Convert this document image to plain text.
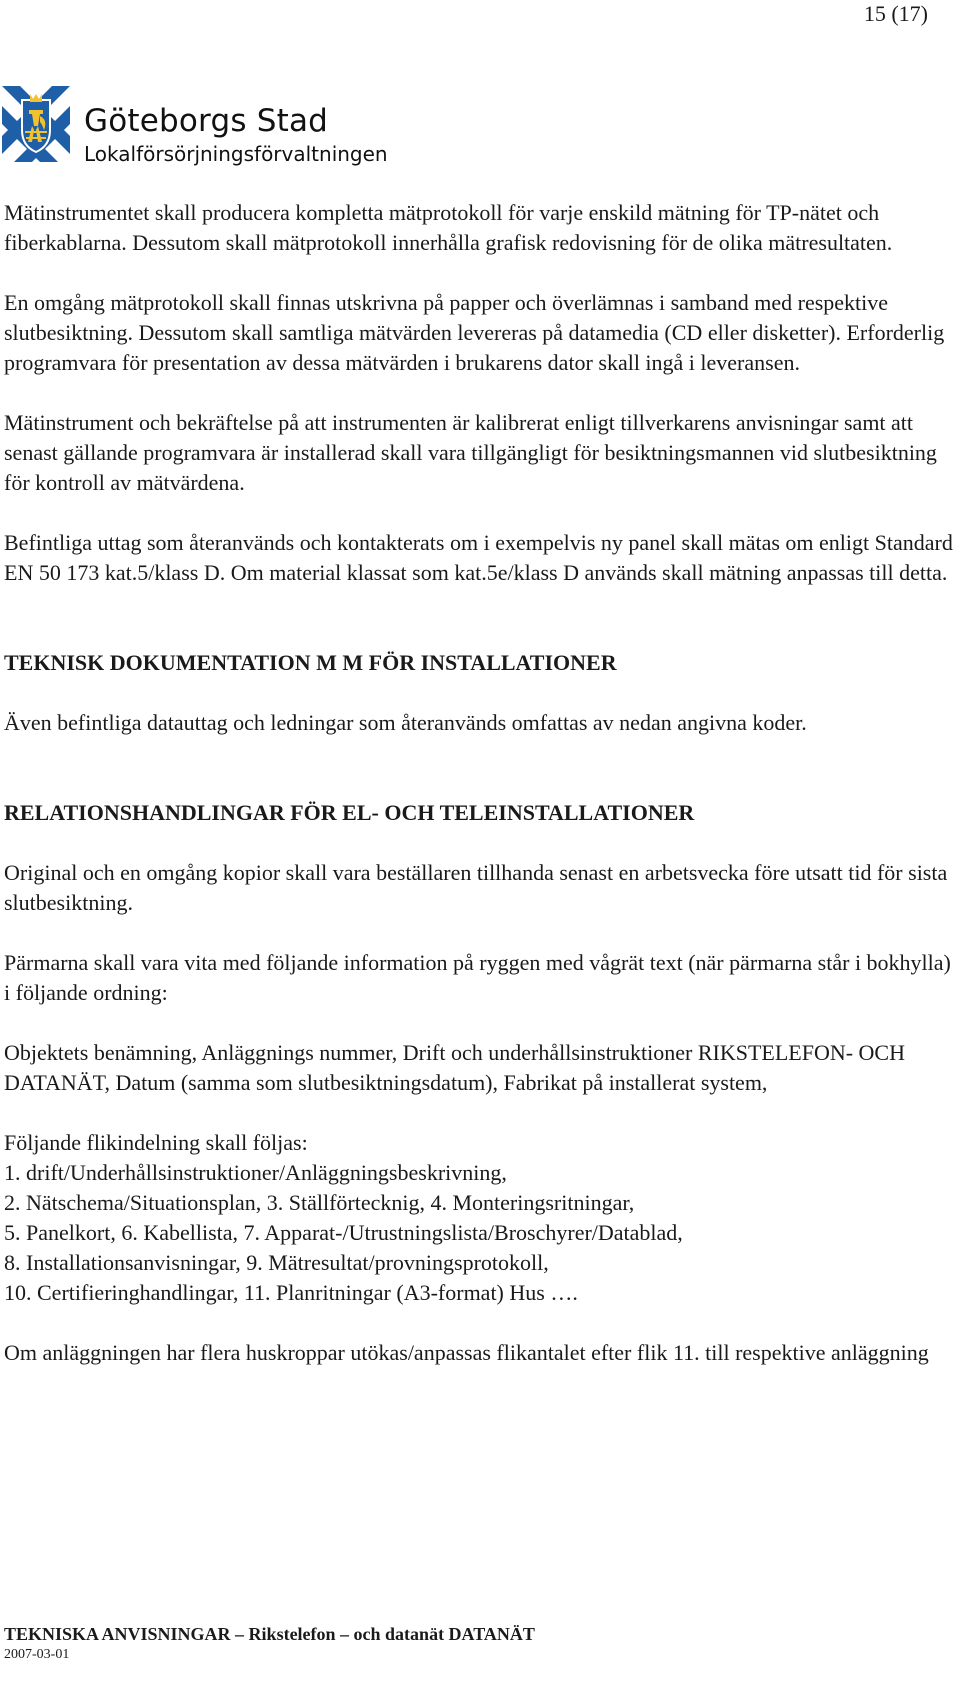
15 (17)
Göteborgs Stad
Lokalförsörjningsförvaltningen

Mätinstrumentet skall producera kompletta mätprotokoll för varje enskild mätning för TP-nätet och fiberkablarna. Dessutom skall mätprotokoll innerhålla grafisk redovisning för de olika mätresultaten.

En omgång mätprotokoll skall finnas utskrivna på papper och överlämnas i samband med respektive slutbesiktning. Dessutom skall samtliga mätvärden levereras på datamedia (CD eller disketter). Erforderlig programvara för presentation av dessa mätvärden i brukarens dator skall ingå i leveransen.

Mätinstrument och bekräftelse på att instrumenten är kalibrerat enligt tillverkarens anvisningar samt att senast gällande programvara är installerad skall vara tillgängligt för besiktningsmannen vid slutbesiktning för kontroll av mätvärdena.

Befintliga uttag som återanvänds och kontakterats om i exempelvis ny panel skall mätas om enligt Standard EN 50 173 kat.5/klass D. Om material klassat som kat.5e/klass D används skall mätning anpassas till detta.

TEKNISK DOKUMENTATION M M FÖR INSTALLATIONER

Även befintliga datauttag och ledningar som återanvänds omfattas av nedan angivna koder.

RELATIONSHANDLINGAR FÖR EL- OCH TELEINSTALLATIONER

Original och en omgång kopior skall vara beställaren tillhanda senast en arbetsvecka före utsatt tid för sista slutbesiktning.

Pärmarna skall vara vita med följande information på ryggen med vågrät text (när pärmarna står i bokhylla) i följande ordning:

Objektets benämning, Anläggnings nummer, Drift och underhållsinstruktioner RIKSTELEFON- OCH DATANÄT, Datum (samma som slutbesiktningsdatum), Fabrikat på installerat system,

Följande flikindelning skall följas:

1. drift/Underhållsinstruktioner/Anläggningsbeskrivning,

2. Nätschema/Situationsplan, 3. Ställförtecknig, 4. Monteringsritningar,

5. Panelkort, 6. Kabellista, 7. Apparat-/Utrustningslista/Broschyrer/Datablad,

8. Installationsanvisningar, 9. Mätresultat/provningsprotokoll,

10. Certifieringhandlingar, 11. Planritningar (A3-format) Hus ….

Om anläggningen har flera huskroppar utökas/anpassas flikantalet efter flik 11. till respektive anläggning

TEKNISKA ANVISNINGAR – Rikstelefon – och datanät DATANÄT

2007-03-01
